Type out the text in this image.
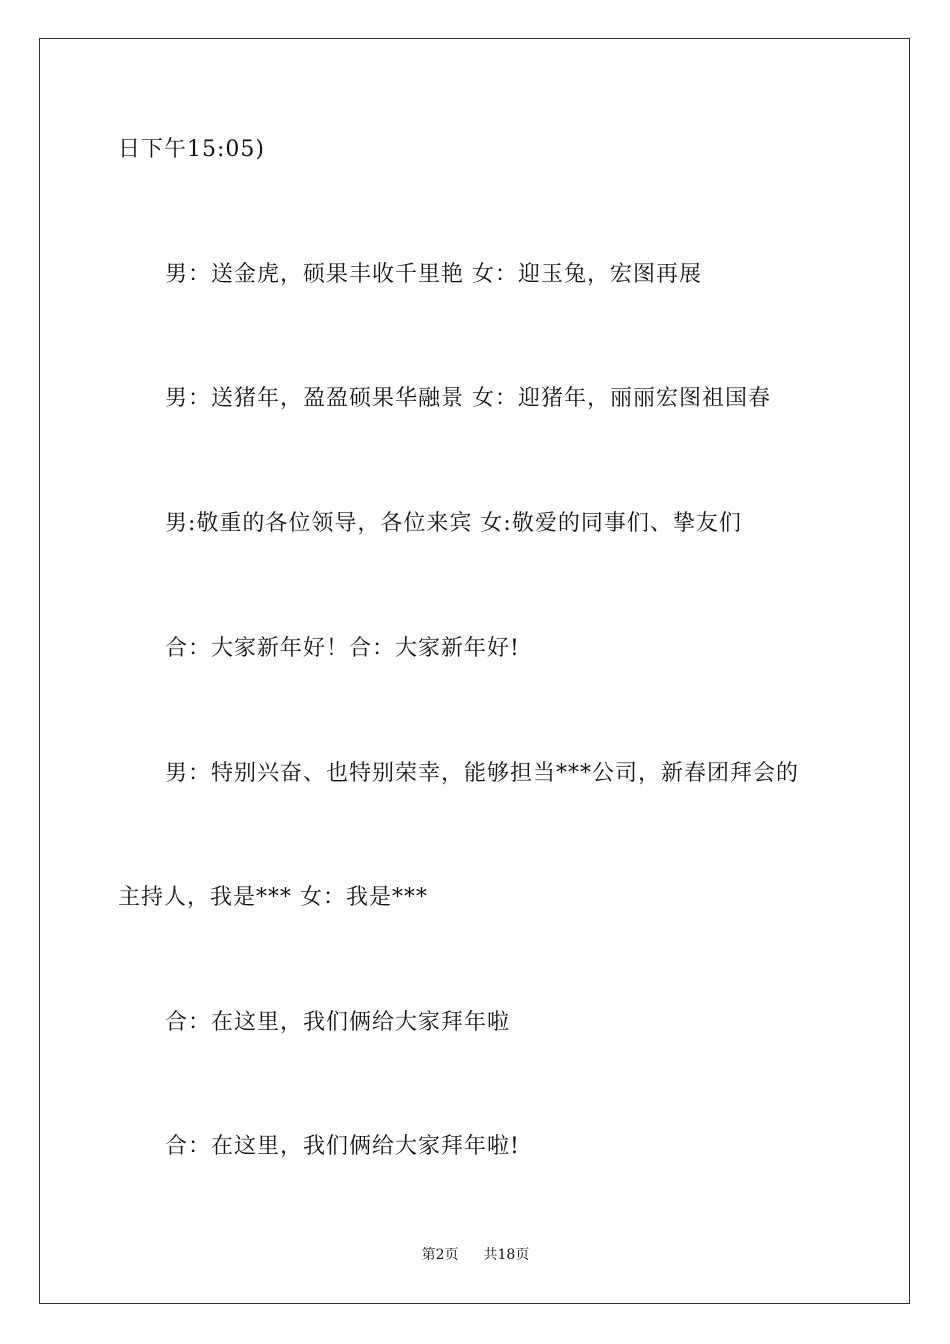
日下午15:05)
男：送金虎，硕果丰收千里艳 女：迎玉兔，宏图再展
男：送猪年，盈盈硕果华融景 女：迎猪年，丽丽宏图祖国春
男:敬重的各位领导，各位来宾 女:敬爱的同事们、挚友们
合：大家新年好！合：大家新年好!
男：特别兴奋、也特别荣幸，能够担当***公司，新春团拜会的
主持人，我是*** 女：我是***
合：在这里，我们俩给大家拜年啦
合：在这里，我们俩给大家拜年啦!
第2页 共18页
